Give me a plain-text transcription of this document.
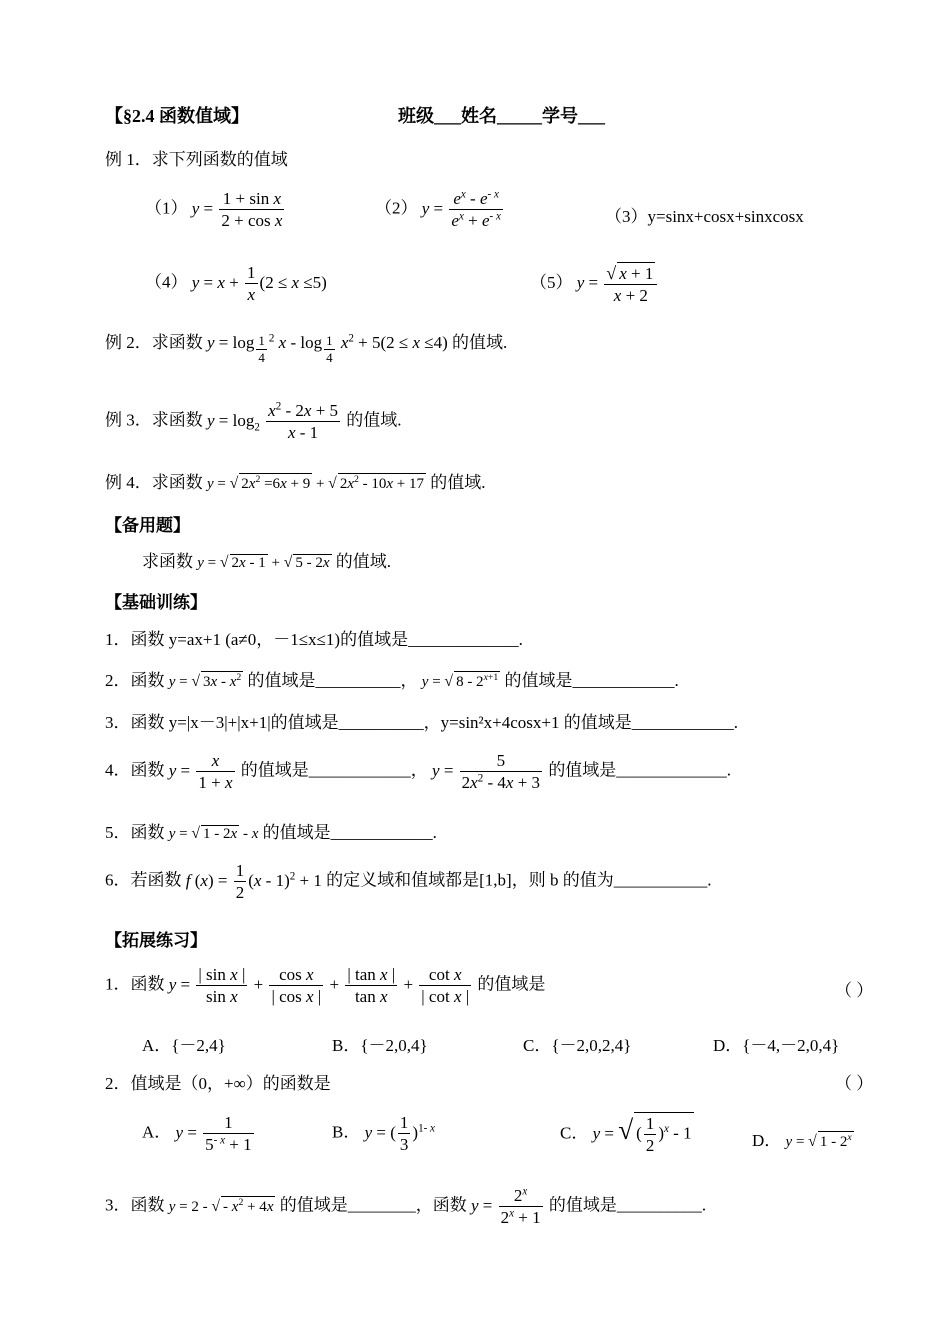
【§2.4 函数值域】	班级___姓名_____学号___
例 1．求下列函数的值域
（1） $y = \frac{\text{1 + sin x}}{\text{2 + cos x}}$	（2） $y = \frac{e^x - e^{- x}}{e^x + e^{- x}}$	（3）y=sinx+cosx+sinxcosx
（4） $y = x + \frac{1}{x} (2 \le x \le 5)$	（5） $y = \frac{√ x + 1}{x + 2}$
例 2．求函数 y = log $_{\frac{1}{4}}$ $^2$ x - log $_{\frac{1}{4}}$ $x^2 + 5(2 \le x \le 4)$ 的值域.
例 3．求函数 $y = \log_2 \frac{x^2 - 2x + 5}{x - 1}$ 的值域.
例 4．求函数 y = √ $2x^2 =6x + 9$ + √ $2x^2 - 10x + 17$ 的值域.
【备用题】
求函数 y = √ 2x - 1 + √ 5 - 2x 的值域.
【基础训练】
1．函数 y=ax+1 (a≠0，－1≤x≤1)的值域是_____________.
2．函数 y = √ $3x - x^2$ 的值域是__________， y = √ $8 - 2^{x+1}$ 的值域是____________.
3．函数 y=|x－3|+|x+1|的值域是__________，y=sin²x+4cosx+1 的值域是____________.
4．函数 $y = \frac{x}{1 + x}$ 的值域是____________， $y = \frac{5}{2x^2 - 4x + 3}$ 的值域是_____________.
5．函数 y = √ 1 - 2x - x 的值域是____________.
6．若函数 f $(x) = \frac{1}{2} (x - 1)^2 + 1$ 的定义域和值域都是[1,b]，则 b 的值为___________.
【拓展练习】
1．函数 $y = \frac{\text{| sin x |}}{\text{sin x}} + \frac{\text{cos x}}{\text{| cos x |}} + \frac{\text{| tan x |}}{\text{tan x}} + \frac{\text{cot x}}{\text{| cot x |}}$ 的值域是	（ ）
A．{－2,4}	B．{－2,0,4}	C．{－2,0,2,4}	D．{－4,－2,0,4}
2．值域是（0，+∞）的函数是	（ ）
A． $y = \frac{1}{5^{- x} + 1}$	B． y = ( $\frac{1}{3} )^{1- x}$	C． y = √ ( $\frac{1}{2} )^x - 1$	D． y = √ 1 - 2$^x$
3．函数 y = 2 - √ - $x^2 + 4x$ 的值域是________，函数 $y = \frac{2^x}{2^x + 1}$ 的值域是__________.
